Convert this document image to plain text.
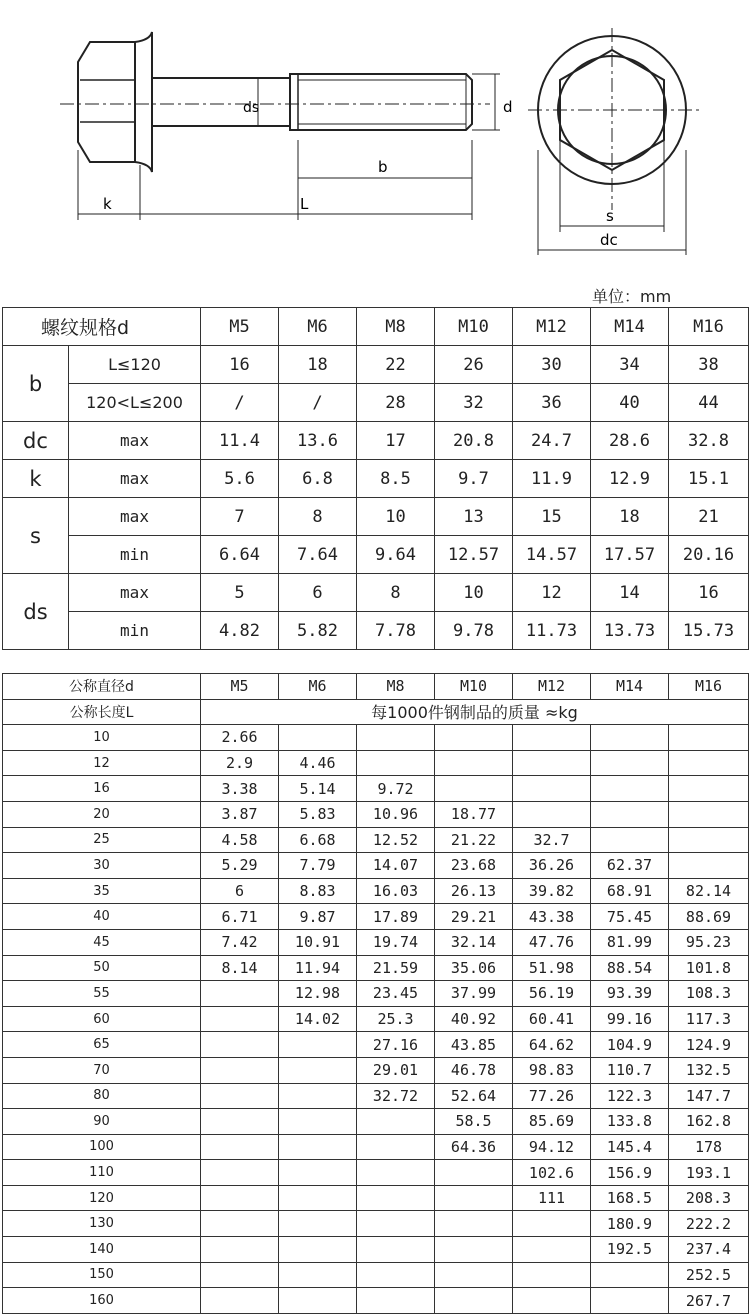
ds	d
b
k	L
s
dc
单位：mm
螺纹规格d		M5	M6	M8	M10	M12	M14	M16
b	L≤120	16	18	22	26	30	34	38
	120<L≤200	/	/	28	32	36	40	44
dc	max	11.4	13.6	17	20.8	24.7	28.6	32.8
k	max	5.6	6.8	8.5	9.7	11.9	12.9	15.1
s	max	7	8	10	13	15	18	21
	min	6.64	7.64	9.64	12.57	14.57	17.57	20.16
ds	max	5	6	8	10	12	14	16
	min	4.82	5.82	7.78	9.78	11.73	13.73	15.73
公称直径d	M5	M6	M8	M10	M12	M14	M16
公称长度L	每1000件钢制品的质量 ≈kg						
10	2.66						
12	2.9	4.46					
16	3.38	5.14	9.72				
20	3.87	5.83	10.96	18.77			
25	4.58	6.68	12.52	21.22	32.7		
30	5.29	7.79	14.07	23.68	36.26	62.37	
35	6	8.83	16.03	26.13	39.82	68.91	82.14
40	6.71	9.87	17.89	29.21	43.38	75.45	88.69
45	7.42	10.91	19.74	32.14	47.76	81.99	95.23
50	8.14	11.94	21.59	35.06	51.98	88.54	101.8
55		12.98	23.45	37.99	56.19	93.39	108.3
60		14.02	25.3	40.92	60.41	99.16	117.3
65			27.16	43.85	64.62	104.9	124.9
70			29.01	46.78	98.83	110.7	132.5
80			32.72	52.64	77.26	122.3	147.7
90				58.5	85.69	133.8	162.8
100				64.36	94.12	145.4	178
110					102.6	156.9	193.1
120					111	168.5	208.3
130						180.9	222.2
140						192.5	237.4
150							252.5
160							267.7
